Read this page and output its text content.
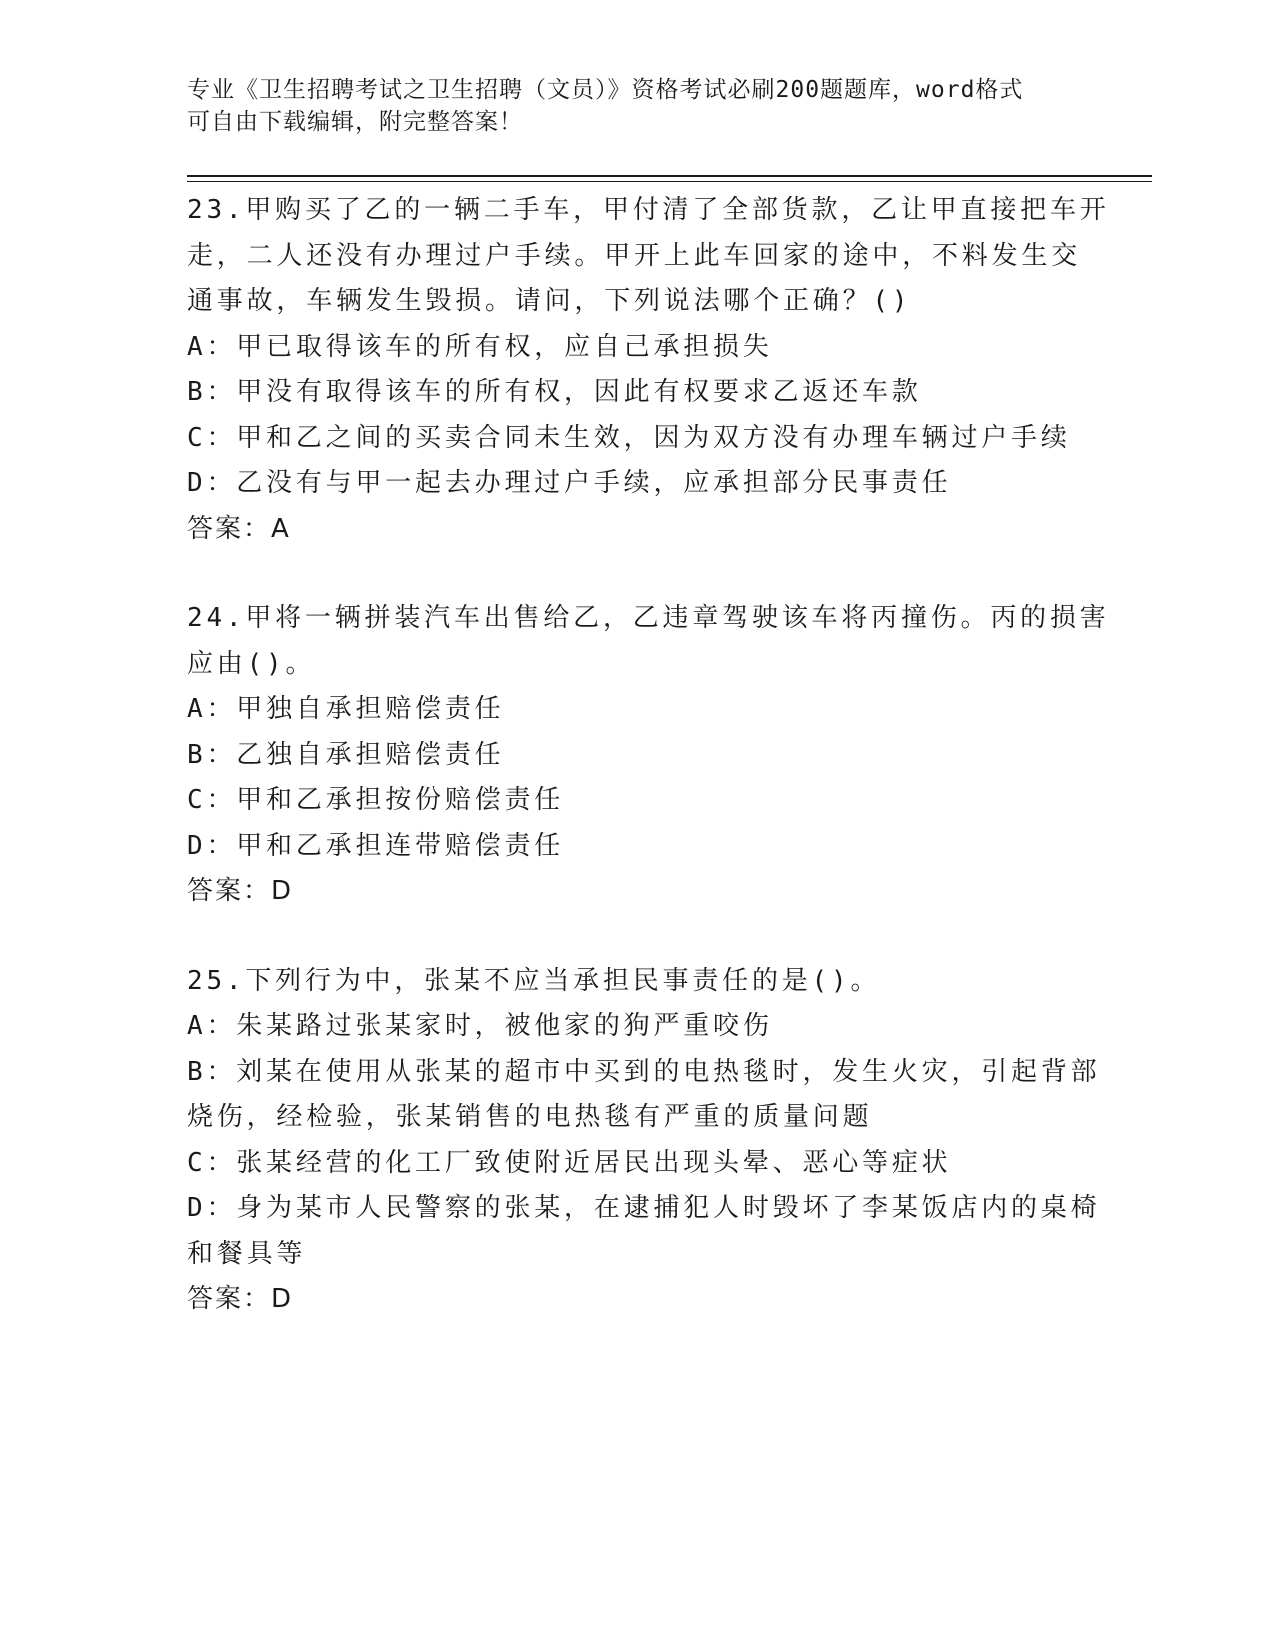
专业《卫生招聘考试之卫生招聘（文员）》资格考试必刷200题题库，word格式

可自由下载编辑，附完整答案！

23.甲购买了乙的一辆二手车，甲付清了全部货款，乙让甲直接把车开

走，二人还没有办理过户手续。甲开上此车回家的途中，不料发生交

通事故，车辆发生毁损。请问，下列说法哪个正确？()

A：甲已取得该车的所有权，应自己承担损失

B：甲没有取得该车的所有权，因此有权要求乙返还车款

C：甲和乙之间的买卖合同未生效，因为双方没有办理车辆过户手续

D：乙没有与甲一起去办理过户手续，应承担部分民事责任

答案：A

24.甲将一辆拼装汽车出售给乙，乙违章驾驶该车将丙撞伤。丙的损害

应由()。

A：甲独自承担赔偿责任

B：乙独自承担赔偿责任

C：甲和乙承担按份赔偿责任

D：甲和乙承担连带赔偿责任

答案：D

25.下列行为中，张某不应当承担民事责任的是()。

A：朱某路过张某家时，被他家的狗严重咬伤

B：刘某在使用从张某的超市中买到的电热毯时，发生火灾，引起背部

烧伤，经检验，张某销售的电热毯有严重的质量问题

C：张某经营的化工厂致使附近居民出现头晕、恶心等症状

D：身为某市人民警察的张某，在逮捕犯人时毁坏了李某饭店内的桌椅

和餐具等

答案：D
